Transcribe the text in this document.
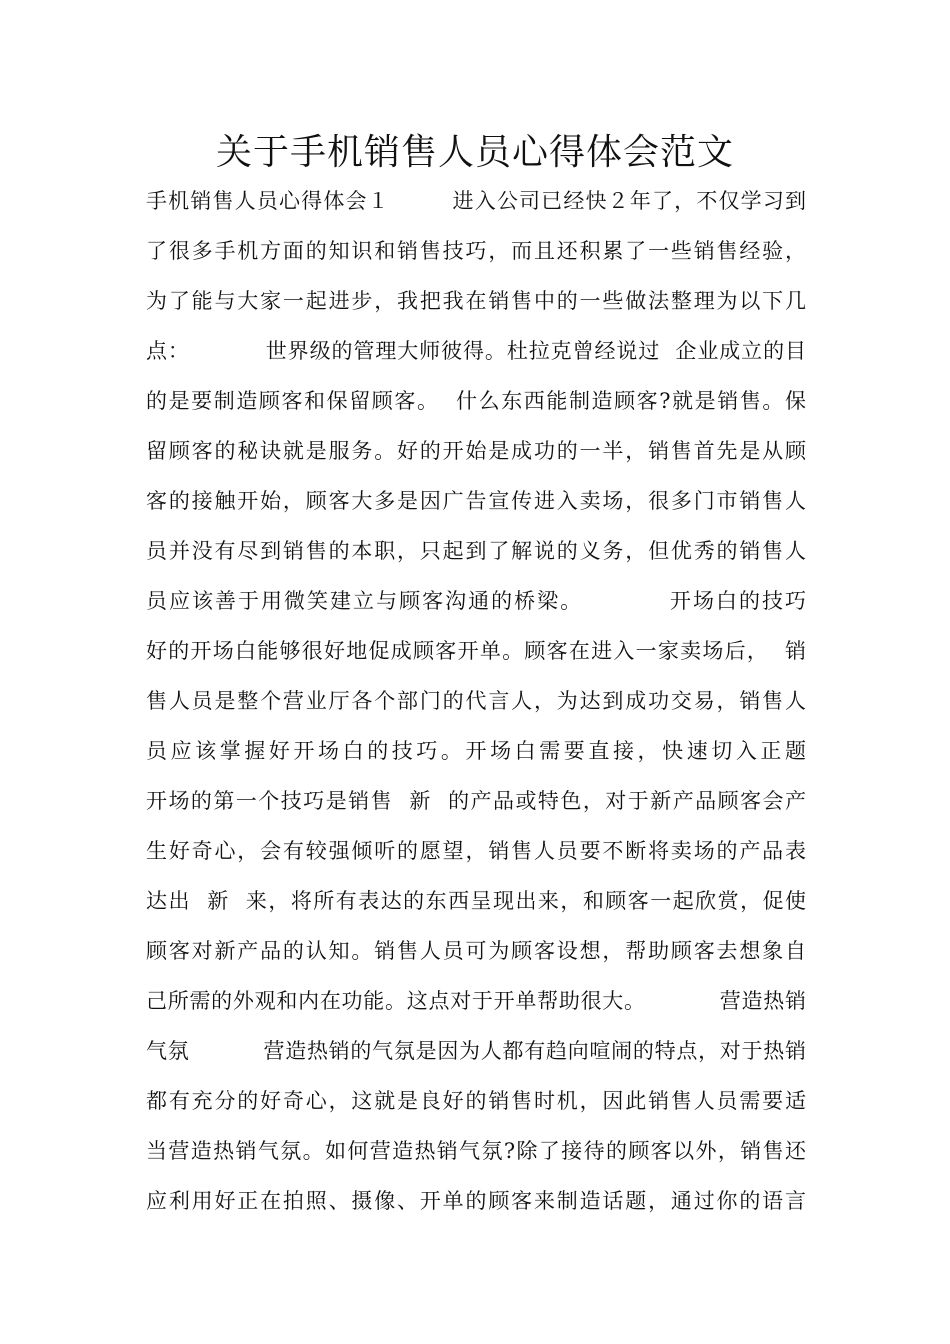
关于手机销售人员心得体会范文
手机销售人员心得体会１        进入公司已经快２年了，不仅学习到
了很多手机方面的知识和销售技巧，而且还积累了一些销售经验，
为了能与大家一起进步，我把我在销售中的一些做法整理为以下几
点：          世界级的管理大师彼得。杜拉克曾经说过  企业成立的目
的是要制造顾客和保留顾客。  什么东西能制造顾客?就是销售。保
留顾客的秘诀就是服务。好的开始是成功的一半，销售首先是从顾
客的接触开始，顾客大多是因广告宣传进入卖场，很多门市销售人
员并没有尽到销售的本职，只起到了解说的义务，但优秀的销售人
员应该善于用微笑建立与顾客沟通的桥梁。          开场白的技巧
好的开场白能够很好地促成顾客开单。顾客在进入一家卖场后，  销
售人员是整个营业厅各个部门的代言人，为达到成功交易，销售人
员应该掌握好开场白的技巧。开场白需要直接，快速切入正题
开场的第一个技巧是销售  新  的产品或特色，对于新产品顾客会产
生好奇心，会有较强倾听的愿望，销售人员要不断将卖场的产品表
达出  新  来，将所有表达的东西呈现出来，和顾客一起欣赏，促使
顾客对新产品的认知。销售人员可为顾客设想，帮助顾客去想象自
己所需的外观和内在功能。这点对于开单帮助很大。          营造热销
气氛          营造热销的气氛是因为人都有趋向喧闹的特点，对于热销
都有充分的好奇心，这就是良好的销售时机，因此销售人员需要适
当营造热销气氛。如何营造热销气氛?除了接待的顾客以外，销售还
应利用好正在拍照、摄像、开单的顾客来制造话题，通过你的语言
